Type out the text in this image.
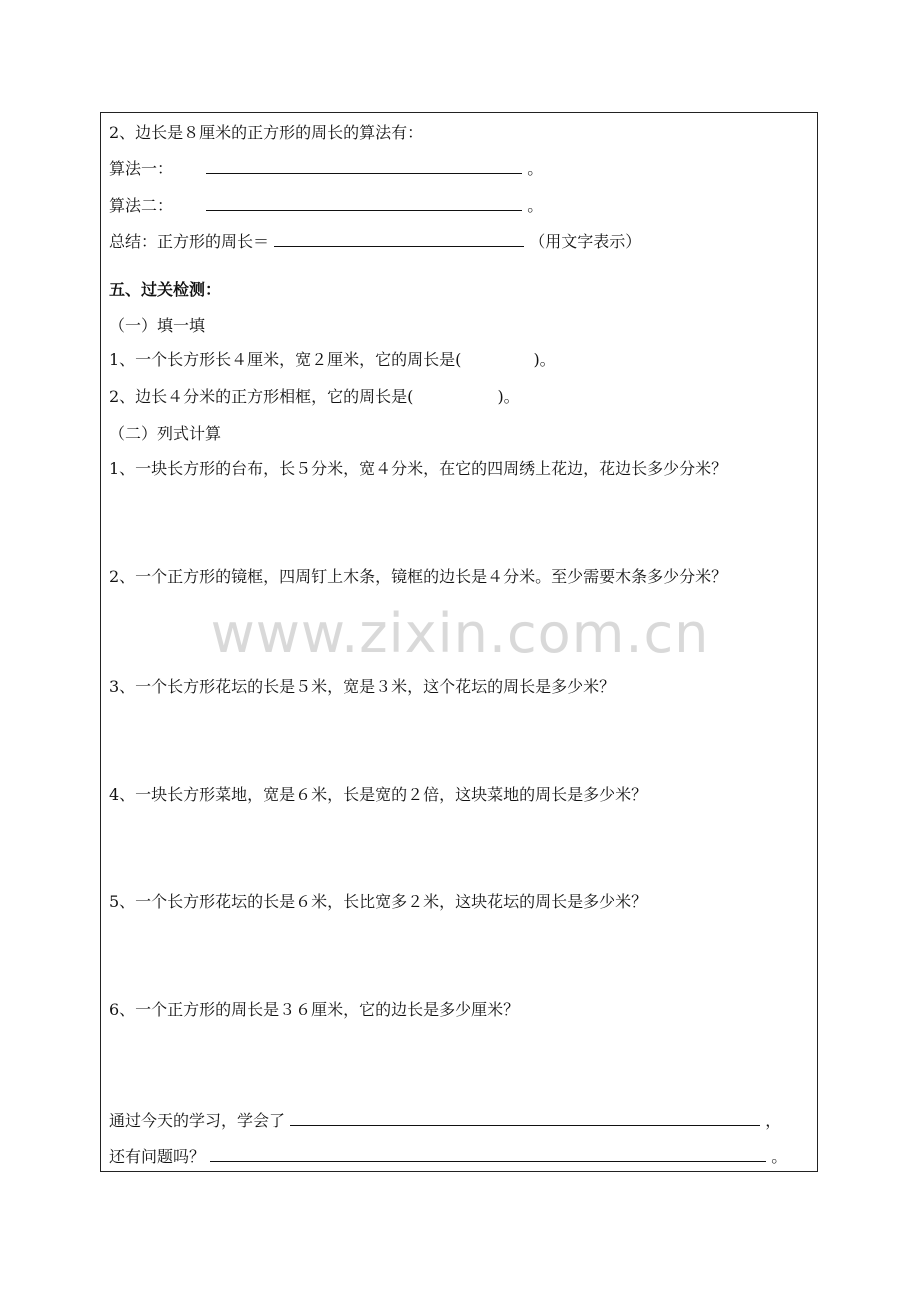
2、边长是８厘米的正方形的周长的算法有：
算法一：	。
算法二：	。
总结：正方形的周长＝	（用文字表示）
五、过关检测：
（一）填一填
1、一个长方形长４厘米，宽２厘米，它的周长是(	)。
2、边长４分米的正方形相框，它的周长是(	)。
（二）列式计算
1、一块长方形的台布，长５分米，宽４分米，在它的四周绣上花边，花边长多少分米？
2、一个正方形的镜框，四周钉上木条，镜框的边长是４分米。至少需要木条多少分米？
3、一个长方形花坛的长是５米，宽是３米，这个花坛的周长是多少米？
4、一块长方形菜地，宽是６米，长是宽的２倍，这块菜地的周长是多少米？
5、一个长方形花坛的长是６米，长比宽多２米，这块花坛的周长是多少米？
6、一个正方形的周长是３６厘米，它的边长是多少厘米？
通过今天的学习，学会了	，
还有问题吗？	。
www.zixin.com.cn
